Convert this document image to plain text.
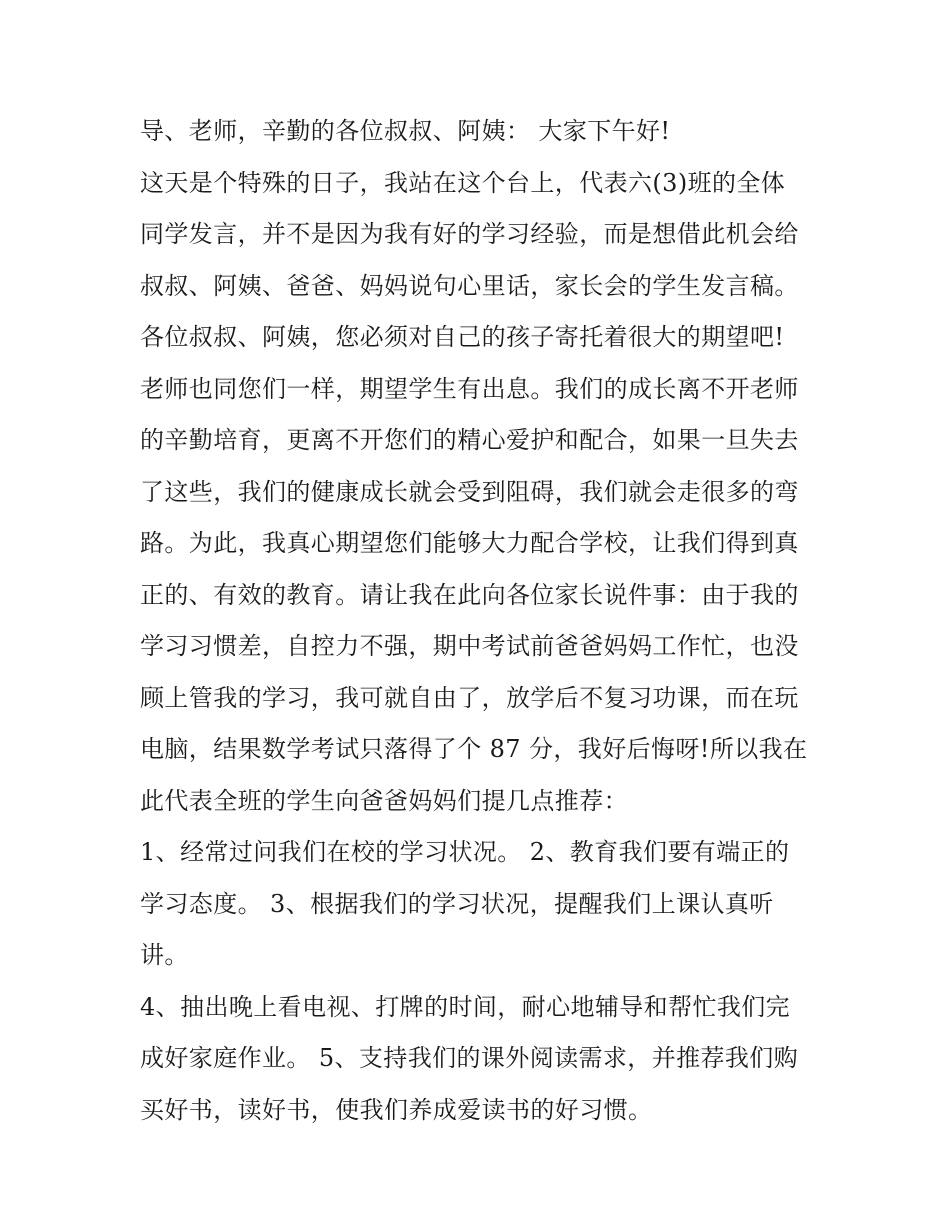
导、老师，辛勤的各位叔叔、阿姨： 大家下午好!
这天是个特殊的日子，我站在这个台上，代表六(3)班的全体
同学发言，并不是因为我有好的学习经验，而是想借此机会给
叔叔、阿姨、爸爸、妈妈说句心里话，家长会的学生发言稿。
各位叔叔、阿姨，您必须对自己的孩子寄托着很大的期望吧!
老师也同您们一样，期望学生有出息。我们的成长离不开老师
的辛勤培育，更离不开您们的精心爱护和配合，如果一旦失去
了这些，我们的健康成长就会受到阻碍，我们就会走很多的弯
路。为此，我真心期望您们能够大力配合学校，让我们得到真
正的、有效的教育。请让我在此向各位家长说件事：由于我的
学习习惯差，自控力不强，期中考试前爸爸妈妈工作忙，也没
顾上管我的学习，我可就自由了，放学后不复习功课，而在玩
电脑，结果数学考试只落得了个 87 分，我好后悔呀!所以我在
此代表全班的学生向爸爸妈妈们提几点推荐：
1、经常过问我们在校的学习状况。 2、教育我们要有端正的
学习态度。 3、根据我们的学习状况，提醒我们上课认真听
讲。
4、抽出晚上看电视、打牌的时间，耐心地辅导和帮忙我们完
成好家庭作业。 5、支持我们的课外阅读需求，并推荐我们购
买好书，读好书，使我们养成爱读书的好习惯。
